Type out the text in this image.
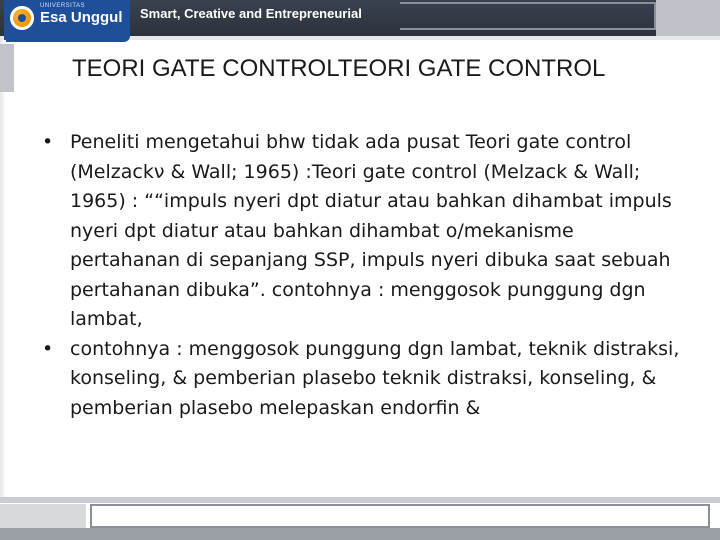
UNIVERSITAS
Esa Unggul Smart, Creative and Entrepreneurial
TEORI GATE CONTROLTEORI GATE CONTROL
• Peneliti mengetahui bhw tidak ada pusat Teori gate control (Melzackν & Wall; 1965) :Teori gate control (Melzack & Wall; 1965) : ““impuls nyeri dpt diatur atau bahkan dihambat impuls nyeri dpt diatur atau bahkan dihambat o/mekanisme pertahanan di sepanjang SSP, impuls nyeri dibuka saat sebuah pertahanan dibuka”. contohnya : menggosok punggung dgn lambat,
• contohnya : menggosok punggung dgn lambat, teknik distraksi, konseling, & pemberian plasebo teknik distraksi, konseling, & pemberian plasebo melepaskan endorfin &
